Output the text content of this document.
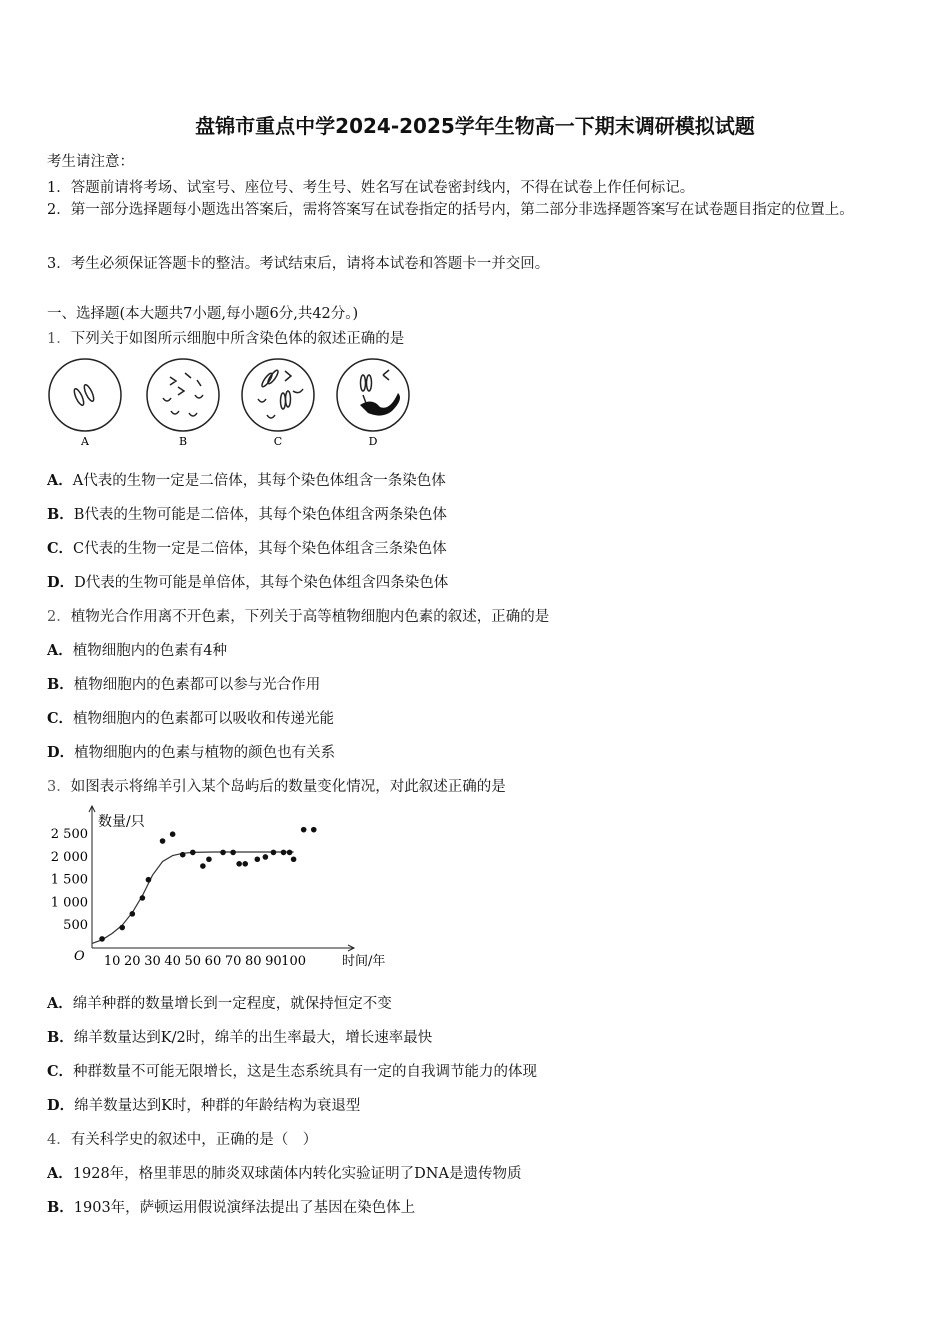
盘锦市重点中学2024-2025学年生物高一下期末调研模拟试题
考生请注意：
1．答题前请将考场、试室号、座位号、考生号、姓名写在试卷密封线内，不得在试卷上作任何标记。
2．第一部分选择题每小题选出答案后，需将答案写在试卷指定的括号内，第二部分非选择题答案写在试卷题目指定的位置上。
3．考生必须保证答题卡的整洁。考试结束后，请将本试卷和答题卡一并交回。
一、选择题(本大题共7小题,每小题6分,共42分。)
1．下列关于如图所示细胞中所含染色体的叙述正确的是
A	B	C	D
A．A代表的生物一定是二倍体，其每个染色体组含一条染色体
B．B代表的生物可能是二倍体，其每个染色体组含两条染色体
C．C代表的生物一定是二倍体，其每个染色体组含三条染色体
D．D代表的生物可能是单倍体，其每个染色体组含四条染色体
2．植物光合作用离不开色素，下列关于高等植物细胞内色素的叙述，正确的是
A．植物细胞内的色素有4种
B．植物细胞内的色素都可以参与光合作用
C．植物细胞内的色素都可以吸收和传递光能
D．植物细胞内的色素与植物的颜色也有关系
3．如图表示将绵羊引入某个岛屿后的数量变化情况，对此叙述正确的是
数量/只
时间/年
O
2 500
2 000
1 500
1 000
500
10 20 30 40 50 60 70 80 90 100
A．绵羊种群的数量增长到一定程度，就保持恒定不变
B．绵羊数量达到K/2时，绵羊的出生率最大，增长速率最快
C．种群数量不可能无限增长，这是生态系统具有一定的自我调节能力的体现
D．绵羊数量达到K时，种群的年龄结构为衰退型
4．有关科学史的叙述中，正确的是（　）
A．1928年，格里菲思的肺炎双球菌体内转化实验证明了DNA是遗传物质
B．1903年，萨顿运用假说演绎法提出了基因在染色体上
